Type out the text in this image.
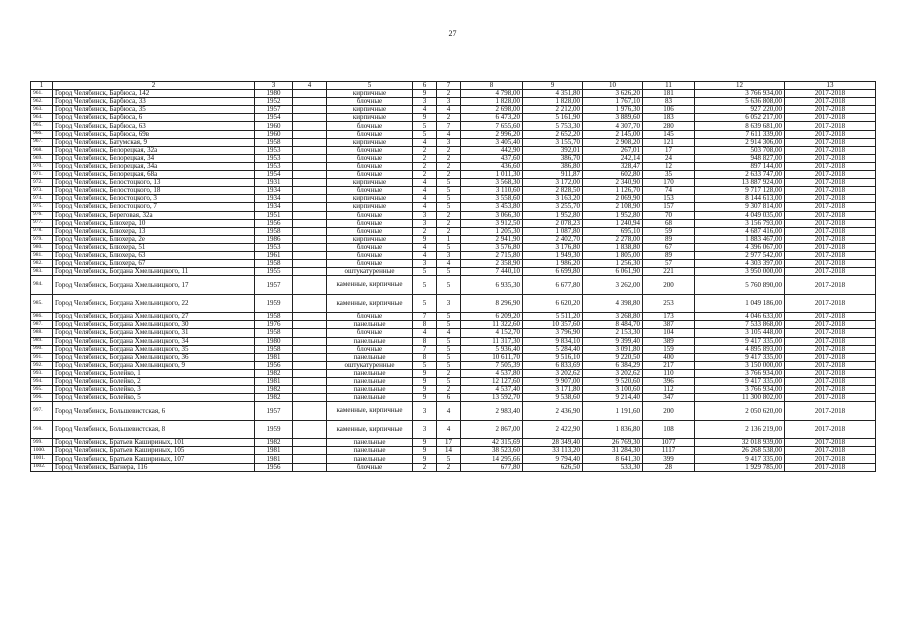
27
1	2	3	4	5	6	7	8	9	10	11	12	13
961.	Город Челябинск, Барбюса, 142	1980		кирпичные	9	2	4 798,00	4 351,80	3 626,20	181	3 766 934,00	2017-2018
962.	Город Челябинск, Барбюса, 33	1952		блочные	3	3	1 828,00	1 828,00	1 767,10	83	5 636 808,00	2017-2018
963.	Город Челябинск, Барбюса, 35	1957		кирпичные	4	4	2 698,00	2 212,00	1 976,30	106	927 220,00	2017-2018
964.	Город Челябинск, Барбюса, 6	1954		кирпичные	9	2	6 473,20	5 161,90	3 889,60	183	6 052 217,00	2017-2018
965.	Город Челябинск, Барбюса, 63	1960		блочные	5	7	7 655,60	5 753,30	4 307,70	280	8 639 681,00	2017-2018
966.	Город Челябинск, Барбюса, 69в	1960		блочные	5	4	2 996,20	2 652,20	2 145,00	145	7 611 339,00	2017-2018
967.	Город Челябинск, Батумская, 9	1958		кирпичные	4	3	3 405,40	3 155,70	2 908,20	121	2 914 306,00	2017-2018
968.	Город Челябинск, Белорецкая, 32а	1953		блочные	2	2	442,90	392,01	267,01	17	503 708,00	2017-2018
969.	Город Челябинск, Белорецкая, 34	1953		блочные	2	2	437,60	386,70	242,14	24	948 827,00	2017-2018
970.	Город Челябинск, Белорецкая, 34а	1953		блочные	2	2	436,60	386,80	328,47	12	897 144,00	2017-2018
971.	Город Челябинск, Белорецкая, 68а	1954		блочные	2	2	1 011,30	911,87	602,80	35	2 633 747,00	2017-2018
972.	Город Челябинск, Белостоцкого, 13	1931		кирпичные	4	5	3 568,30	3 172,00	2 340,90	170	13 887 924,00	2017-2018
973.	Город Челябинск, Белостоцкого, 18	1934		блочные	4	5	3 110,60	2 828,50	1 126,70	74	9 717 128,00	2017-2018
974.	Город Челябинск, Белостоцкого, 3	1934		кирпичные	4	5	3 558,60	3 163,20	2 069,90	153	8 144 613,00	2017-2018
975.	Город Челябинск, Белостоцкого, 7	1934		кирпичные	4	5	3 453,80	3 255,70	2 108,90	157	9 307 814,00	2017-2018
976.	Город Челябинск, Береговая, 32а	1951		блочные	3	2	3 066,30	1 952,80	1 952,80	70	4 049 035,00	2017-2018
977.	Город Челябинск, Блюхера, 10	1956		блочные	3	2	3 912,50	2 078,23	1 240,94	68	3 156 793,00	2017-2018
978.	Город Челябинск, Блюхера, 13	1958		блочные	2	2	1 205,30	1 087,80	695,10	59	4 687 416,00	2017-2018
979.	Город Челябинск, Блюхера, 2е	1986		кирпичные	9	1	2 941,90	2 402,70	2 278,00	89	1 883 467,00	2017-2018
980.	Город Челябинск, Блюхера, 51	1953		блочные	4	5	3 576,80	3 176,80	1 838,80	67	4 396 067,00	2017-2018
981.	Город Челябинск, Блюхера, 63	1961		блочные	4	3	2 715,80	1 949,30	1 805,00	89	2 977 542,00	2017-2018
982.	Город Челябинск, Блюхера, 67	1958		блочные	3	4	2 358,90	1 986,20	1 256,30	57	4 303 397,00	2017-2018
983.	Город Челябинск, Богдана Хмельницкого, 11	1955		оштукатуренные	5	5	7 440,10	6 699,80	6 061,90	221	3 950 000,00	2017-2018
984.	Город Челябинск, Богдана Хмельницкого, 17	1957		каменные, кирпичные	5	5	6 935,30	6 677,80	3 262,00	200	5 760 890,00	2017-2018
985.	Город Челябинск, Богдана Хмельницкого, 22	1959		каменные, кирпичные	5	3	8 296,90	6 620,20	4 398,80	253	1 049 186,00	2017-2018
986.	Город Челябинск, Богдана Хмельницкого, 27	1958		блочные	7	5	6 209,20	5 511,20	3 268,80	173	4 046 633,00	2017-2018
987.	Город Челябинск, Богдана Хмельницкого, 30	1976		панельные	8	5	11 322,60	10 357,60	8 484,70	387	7 533 868,00	2017-2018
988.	Город Челябинск, Богдана Хмельницкого, 31	1958		блочные	4	4	4 152,70	3 796,90	2 153,30	104	3 105 448,00	2017-2018
989.	Город Челябинск, Богдана Хмельницкого, 34	1980		панельные	8	5	11 317,30	9 834,10	9 399,40	389	9 417 335,00	2017-2018
990.	Город Челябинск, Богдана Хмельницкого, 35	1958		блочные	7	5	5 936,40	5 284,40	3 091,80	159	4 895 893,00	2017-2018
991.	Город Челябинск, Богдана Хмельницкого, 36	1981		панельные	8	5	10 611,70	9 516,10	9 220,50	400	9 417 335,00	2017-2018
992.	Город Челябинск, Богдана Хмельницкого, 9	1956		оштукатуренные	5	5	7 505,39	6 833,69	6 384,29	217	3 150 000,00	2017-2018
993.	Город Челябинск, Болейко, 1	1982		панельные	9	2	4 537,80	3 202,62	3 202,62	110	3 766 934,00	2017-2018
994.	Город Челябинск, Болейко, 2	1981		панельные	9	5	12 127,60	9 907,00	9 520,60	396	9 417 335,00	2017-2018
995.	Город Челябинск, Болейко, 3	1982		панельные	9	2	4 537,40	3 171,80	3 100,60	112	3 766 934,00	2017-2018
996.	Город Челябинск, Болейко, 5	1982		панельные	9	6	13 592,70	9 538,60	9 214,40	347	11 300 802,00	2017-2018
997.	Город Челябинск, Большевистская, 6	1957		каменные, кирпичные	3	4	2 983,40	2 436,90	1 191,60	200	2 050 620,00	2017-2018
998.	Город Челябинск, Большевистская, 8	1959		каменные, кирпичные	3	4	2 867,00	2 422,90	1 836,80	108	2 136 219,00	2017-2018
999.	Город Челябинск, Братьев Кашириных, 101	1982		панельные	9	17	42 315,69	28 349,40	26 769,30	1077	32 018 939,00	2017-2018
1000.	Город Челябинск, Братьев Кашириных, 105	1981		панельные	9	14	38 523,60	33 113,20	31 284,30	1117	26 268 538,00	2017-2018
1001.	Город Челябинск, Братьев Кашириных, 107	1981		панельные	9	5	14 295,66	9 794,40	8 641,30	399	9 417 335,00	2017-2018
1002.	Город Челябинск, Вагнера, 116	1956		блочные	2	2	677,80	626,50	533,30	28	1 929 785,00	2017-2018
